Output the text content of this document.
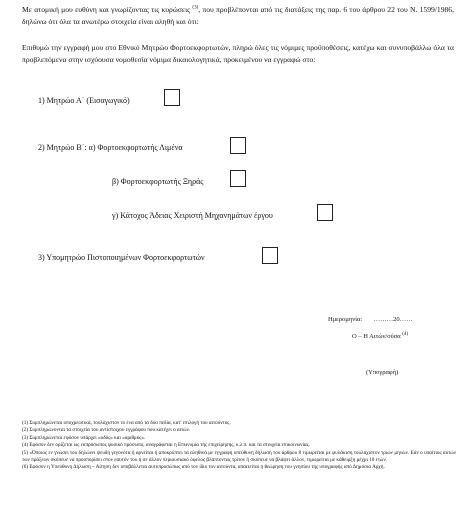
Με ατομική μου ευθύνη και γνωρίζοντας τις κυρώσεις $^{(3)}$, που προβλέπονται από τις διατάξεις της παρ. 6 του άρθρου 22 του Ν. 1599/1986, δηλώνω ότι όλα τα ανωτέρω στοιχεία είναι αληθή και ότι:
Επιθυμώ την εγγραφή μου στο Εθνικό Μητρώο Φορτοεκφορτωτών, πληρώ όλες τις νόμιμες προϋποθέσεις, κατέχω και συνυποβάλλω όλα τα προβλεπόμενα στην ισχύουσα νομοθεσία νόμιμα δικαιολογητικά, προκειμένου να εγγραφώ στο:
1) Μητρώο Α΄ (Εισαγωγικό)
2) Μητρώο Β΄: α) Φορτοεκφορτωτής Λιμένα
β) Φορτοεκφορτωτής Ξηράς
γ) Κάτοχος Άδειας Χειριστή Μηχανημάτων έργου
3) Υπομητρώο Πιστοποιημένων Φορτοεκφορτωτών
Ημερομηνία: ………20……
Ο – Η Αιτών/ούσα $^{(4)}$
(Υπογραφή)
(1) Συμπληρώνεται υποχρεωτικά, τουλάχιστον το ένα από τα δύο πεδία, κατ' επιλογή του αιτούντος.
(2) Συμπληρώνονται τα στοιχεία του αντίστοιχου εγγράφου που κατέχει ο αιτών.
(3) Συμπληρώνεται εφόσον υπάρχει «οδός» και «αριθμός».
(4) Εφόσον δεν ορίζεται ως εκπρόσωπος φυσικό πρόσωπο, αναγράφεται η Επωνυμία της επιχείρησης, κ.λ.π. και τα στοιχεία επικοινωνίας.
(5) «Όποιος εν γνώσει του δηλώνει ψευδή γεγονότα ή αρνείται ή αποκρύπτει τα αληθινά με έγγραφη υπεύθυνη δήλωση του άρθρου 8 τιμωρείται με φυλάκιση τουλάχιστον τριών μηνών. Εάν ο υπαίτιος αυτών των πράξεων σκόπευε να προσπορίσει στον εαυτόν του ή σε άλλον περιουσιακό όφελος βλάπτοντας τρίτον ή σκόπευε να βλάψει άλλον, τιμωρείται με κάθειρξη μέχρι 10 ετών.
(6) Εφόσον η Υπεύθυνη Δήλωση – Αίτηση δεν υποβάλλεται αυτοπροσώπως από τον ίδιο τον αιτούντα, απαιτείται η θεώρηση του γνησίου της υπογραφής από Δημόσια Αρχή.
